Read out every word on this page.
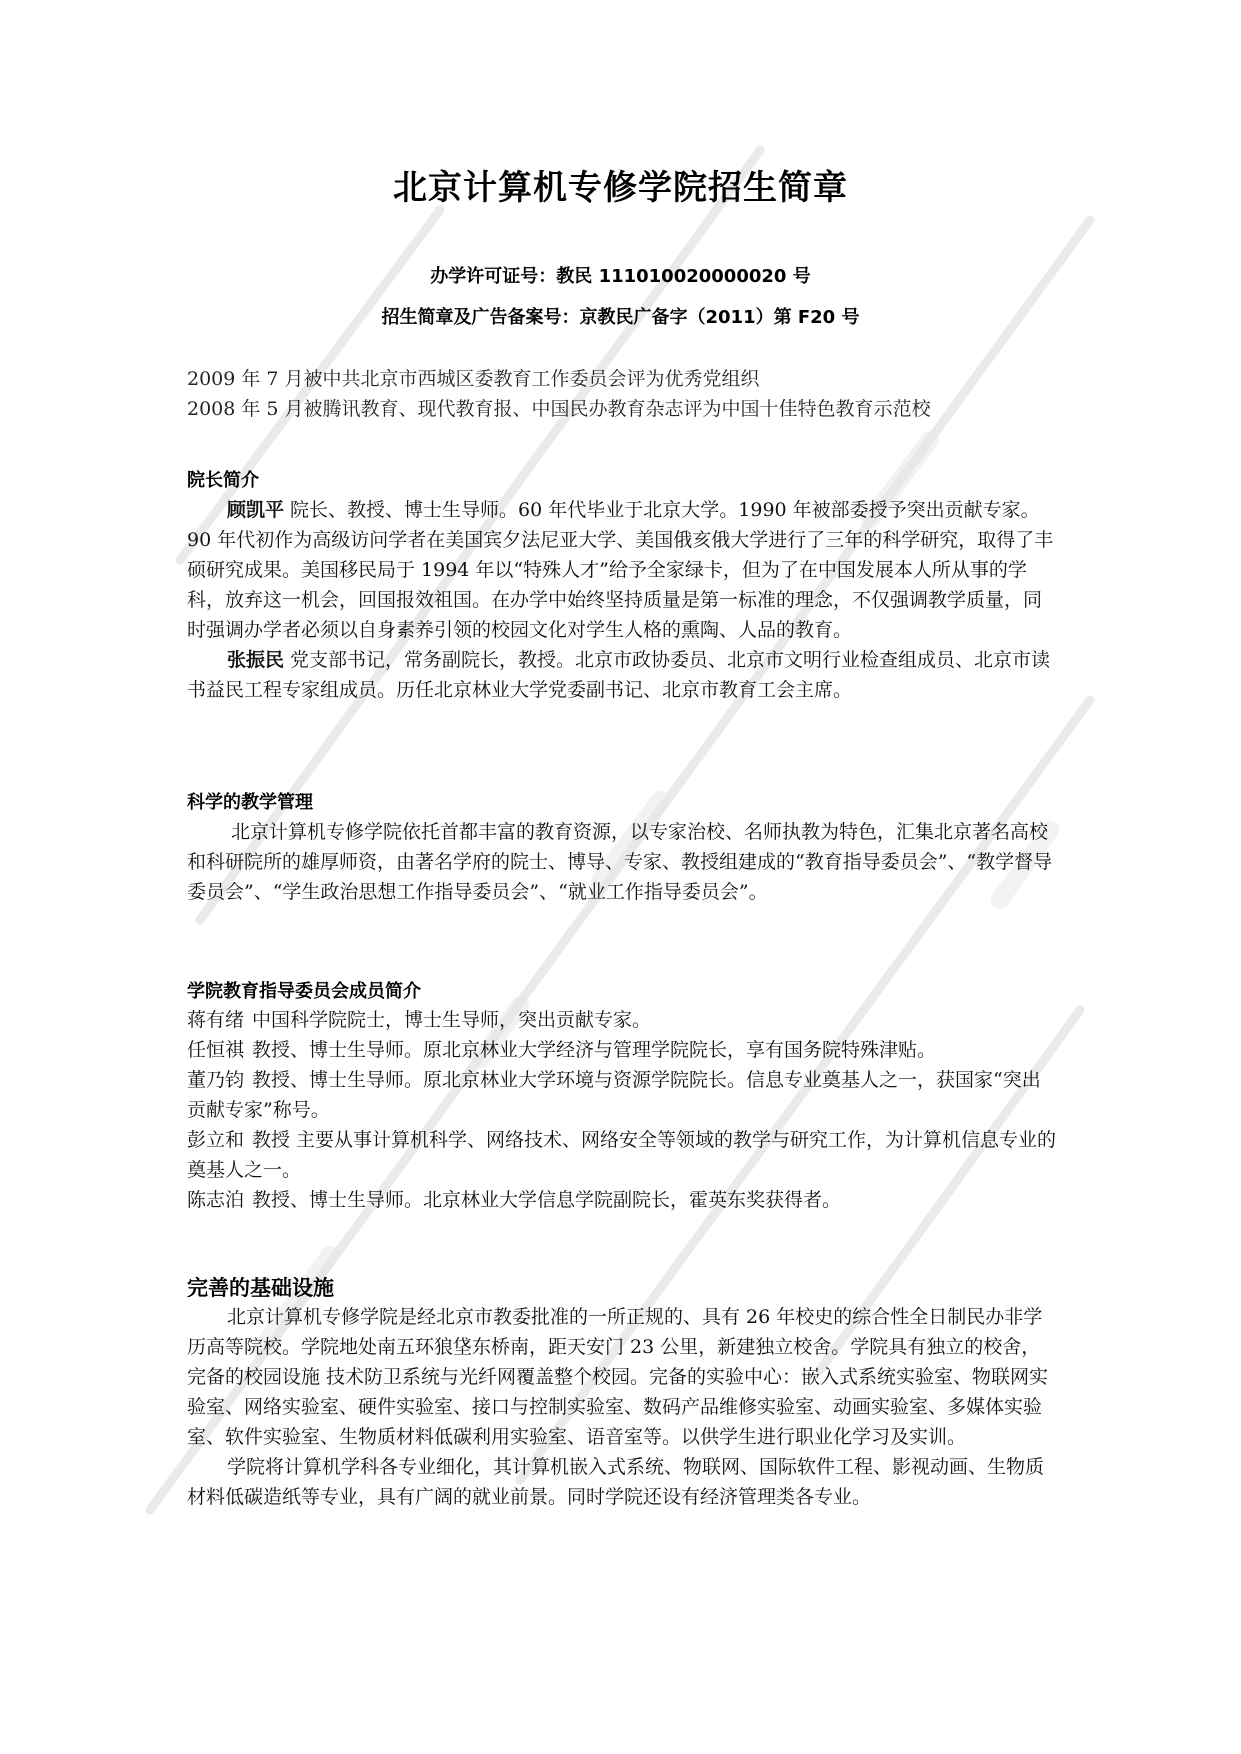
北京计算机专修学院招生简章
办学许可证号：教民 111010020000020 号
招生简章及广告备案号：京教民广备字（2011）第 F20 号

2009 年 7 月被中共北京市西城区委教育工作委员会评为优秀党组织

2008 年 5 月被腾讯教育、现代教育报、中国民办教育杂志评为中国十佳特色教育示范校

院长简介

顾凯平 院长、教授、博士生导师。60 年代毕业于北京大学。1990 年被部委授予突出贡献专家。90 年代初作为高级访问学者在美国宾夕法尼亚大学、美国俄亥俄大学进行了三年的科学研究，取得了丰硕研究成果。美国移民局于 1994 年以“特殊人才”给予全家绿卡，但为了在中国发展本人所从事的学科，放弃这一机会，回国报效祖国。在办学中始终坚持质量是第一标准的理念，不仅强调教学质量，同时强调办学者必须以自身素养引领的校园文化对学生人格的熏陶、人品的教育。

张振民 党支部书记，常务副院长，教授。北京市政协委员、北京市文明行业检查组成员、北京市读书益民工程专家组成员。历任北京林业大学党委副书记、北京市教育工会主席。

科学的教学管理

北京计算机专修学院依托首都丰富的教育资源，以专家治校、名师执教为特色，汇集北京著名高校和科研院所的雄厚师资，由著名学府的院士、博导、专家、教授组建成的“教育指导委员会”、“教学督导委员会”、“学生政治思想工作指导委员会”、“就业工作指导委员会”。

学院教育指导委员会成员简介

蒋有绪 中国科学院院士，博士生导师，突出贡献专家。

任恒祺 教授、博士生导师。原北京林业大学经济与管理学院院长，享有国务院特殊津贴。

董乃钧 教授、博士生导师。原北京林业大学环境与资源学院院长。信息专业奠基人之一，获国家“突出贡献专家”称号。

彭立和 教授 主要从事计算机科学、网络技术、网络安全等领域的教学与研究工作，为计算机信息专业的奠基人之一。

陈志泊 教授、博士生导师。北京林业大学信息学院副院长，霍英东奖获得者。

完善的基础设施

北京计算机专修学院是经北京市教委批准的一所正规的、具有 26 年校史的综合性全日制民办非学历高等院校。学院地处南五环狼垡东桥南，距天安门 23 公里，新建独立校舍。学院具有独立的校舍，完备的校园设施 技术防卫系统与光纤网覆盖整个校园。完备的实验中心：嵌入式系统实验室、物联网实验室、网络实验室、硬件实验室、接口与控制实验室、数码产品维修实验室、动画实验室、多媒体实验室、软件实验室、生物质材料低碳利用实验室、语音室等。以供学生进行职业化学习及实训。

学院将计算机学科各专业细化，其计算机嵌入式系统、物联网、国际软件工程、影视动画、生物质材料低碳造纸等专业，具有广阔的就业前景。同时学院还设有经济管理类各专业。
